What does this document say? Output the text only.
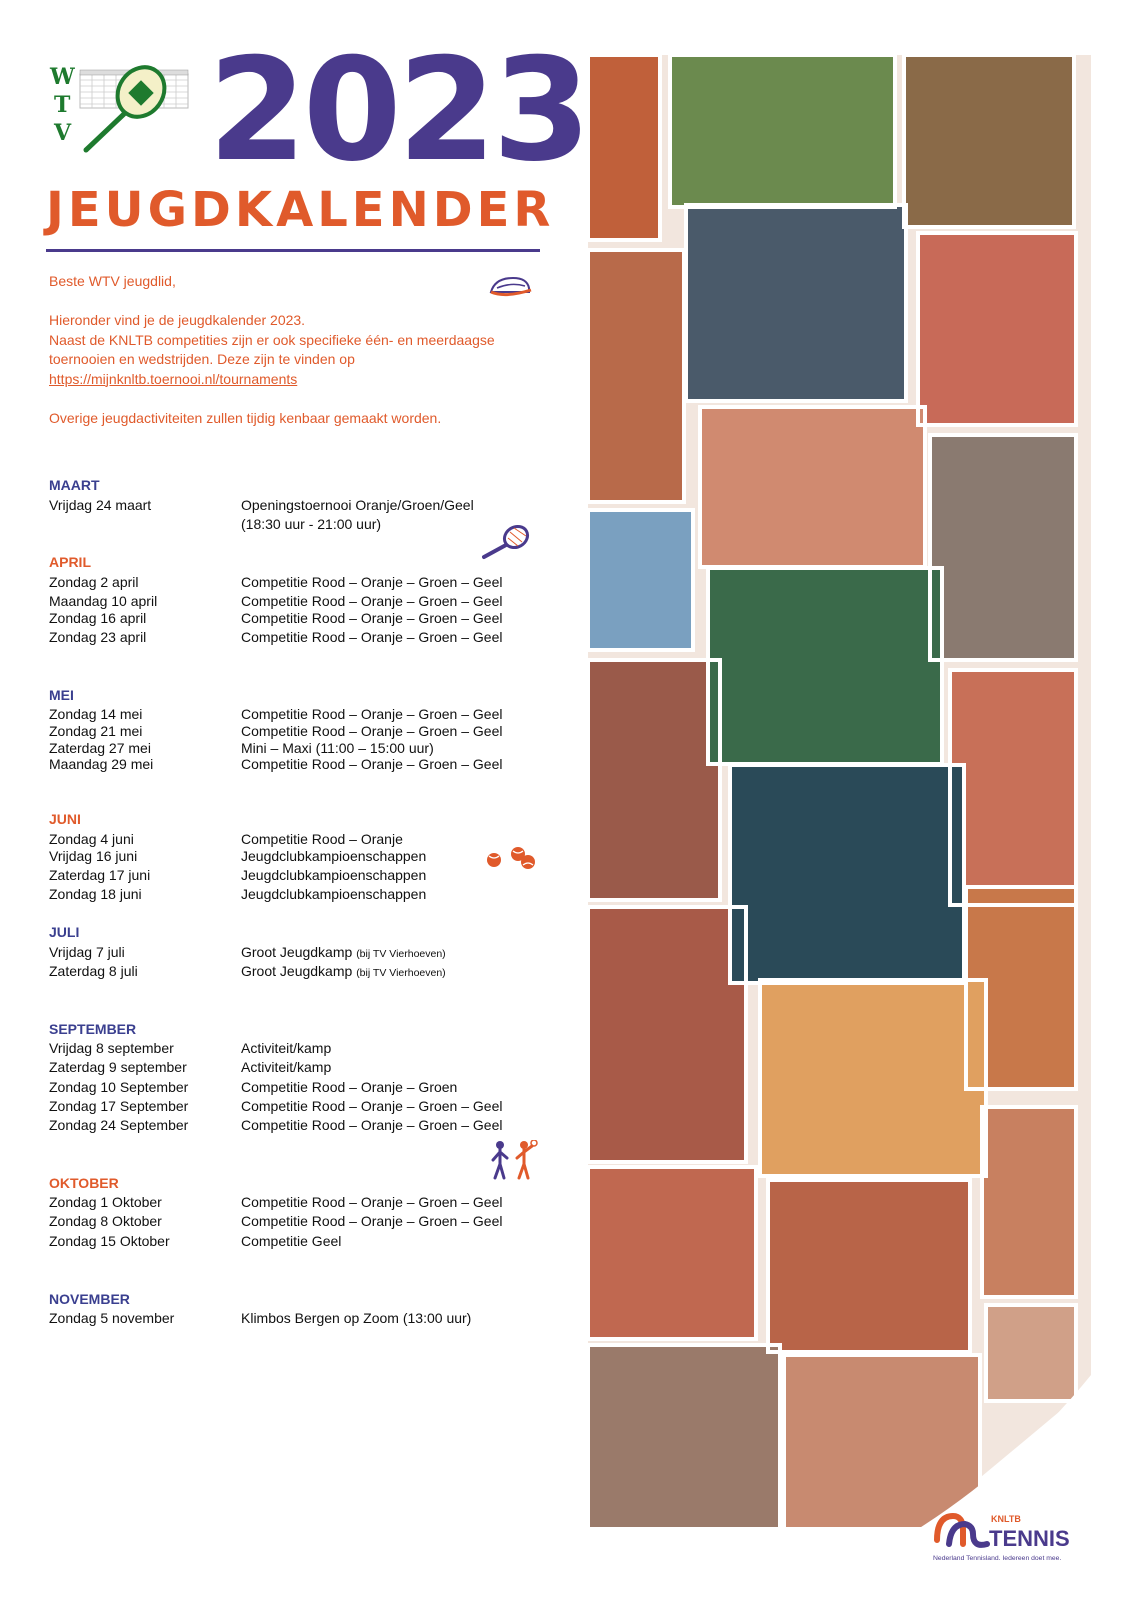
W
T
V 2023
JEUGDKALENDER

Beste WTV jeugdlid,

Hieronder vind je de jeugdkalender 2023.

Naast de KNLTB competities zijn er ook specifieke één- en meerdaagse

toernooien en wedstrijden. Deze zijn te vinden op

https://mijnknltb.toernooi.nl/tournaments

Overige jeugdactiviteiten zullen tijdig kenbaar gemaakt worden.

MAART
Vrijdag 24 maart	Openingstoernooi Oranje/Groen/Geel
(18:30 uur - 21:00 uur)
APRIL
Zondag 2 april	Competitie Rood – Oranje – Groen – Geel
Maandag 10 april	Competitie Rood – Oranje – Groen – Geel
Zondag 16 april	Competitie Rood – Oranje – Groen – Geel
Zondag 23 april	Competitie Rood – Oranje – Groen – Geel
MEI
Zondag 14 mei	Competitie Rood – Oranje – Groen – Geel
Zondag 21 mei	Competitie Rood – Oranje – Groen – Geel
Zaterdag 27 mei	Mini – Maxi (11:00 – 15:00 uur)
Maandag 29 mei	Competitie Rood – Oranje – Groen – Geel
JUNI
Zondag 4 juni	Competitie Rood – Oranje
Vrijdag 16 juni	Jeugdclubkampioenschappen
Zaterdag 17 juni	Jeugdclubkampioenschappen
Zondag 18 juni	Jeugdclubkampioenschappen
JULI
Vrijdag 7 juli	Groot Jeugdkamp (bij TV Vierhoeven)
Zaterdag 8 juli	Groot Jeugdkamp (bij TV Vierhoeven)
SEPTEMBER
Vrijdag 8 september	Activiteit/kamp
Zaterdag 9 september	Activiteit/kamp
Zondag 10 September	Competitie Rood – Oranje – Groen
Zondag 17 September	Competitie Rood – Oranje – Groen – Geel
Zondag 24 September	Competitie Rood – Oranje – Groen – Geel
OKTOBER
Zondag 1 Oktober	Competitie Rood – Oranje – Groen – Geel
Zondag 8 Oktober	Competitie Rood – Oranje – Groen – Geel
Zondag 15 Oktober	Competitie Geel
NOVEMBER
Zondag 5 november	Klimbos Bergen op Zoom (13:00 uur)
KNLTB
TENNIS
Nederland Tennisland. Iedereen doet mee.
